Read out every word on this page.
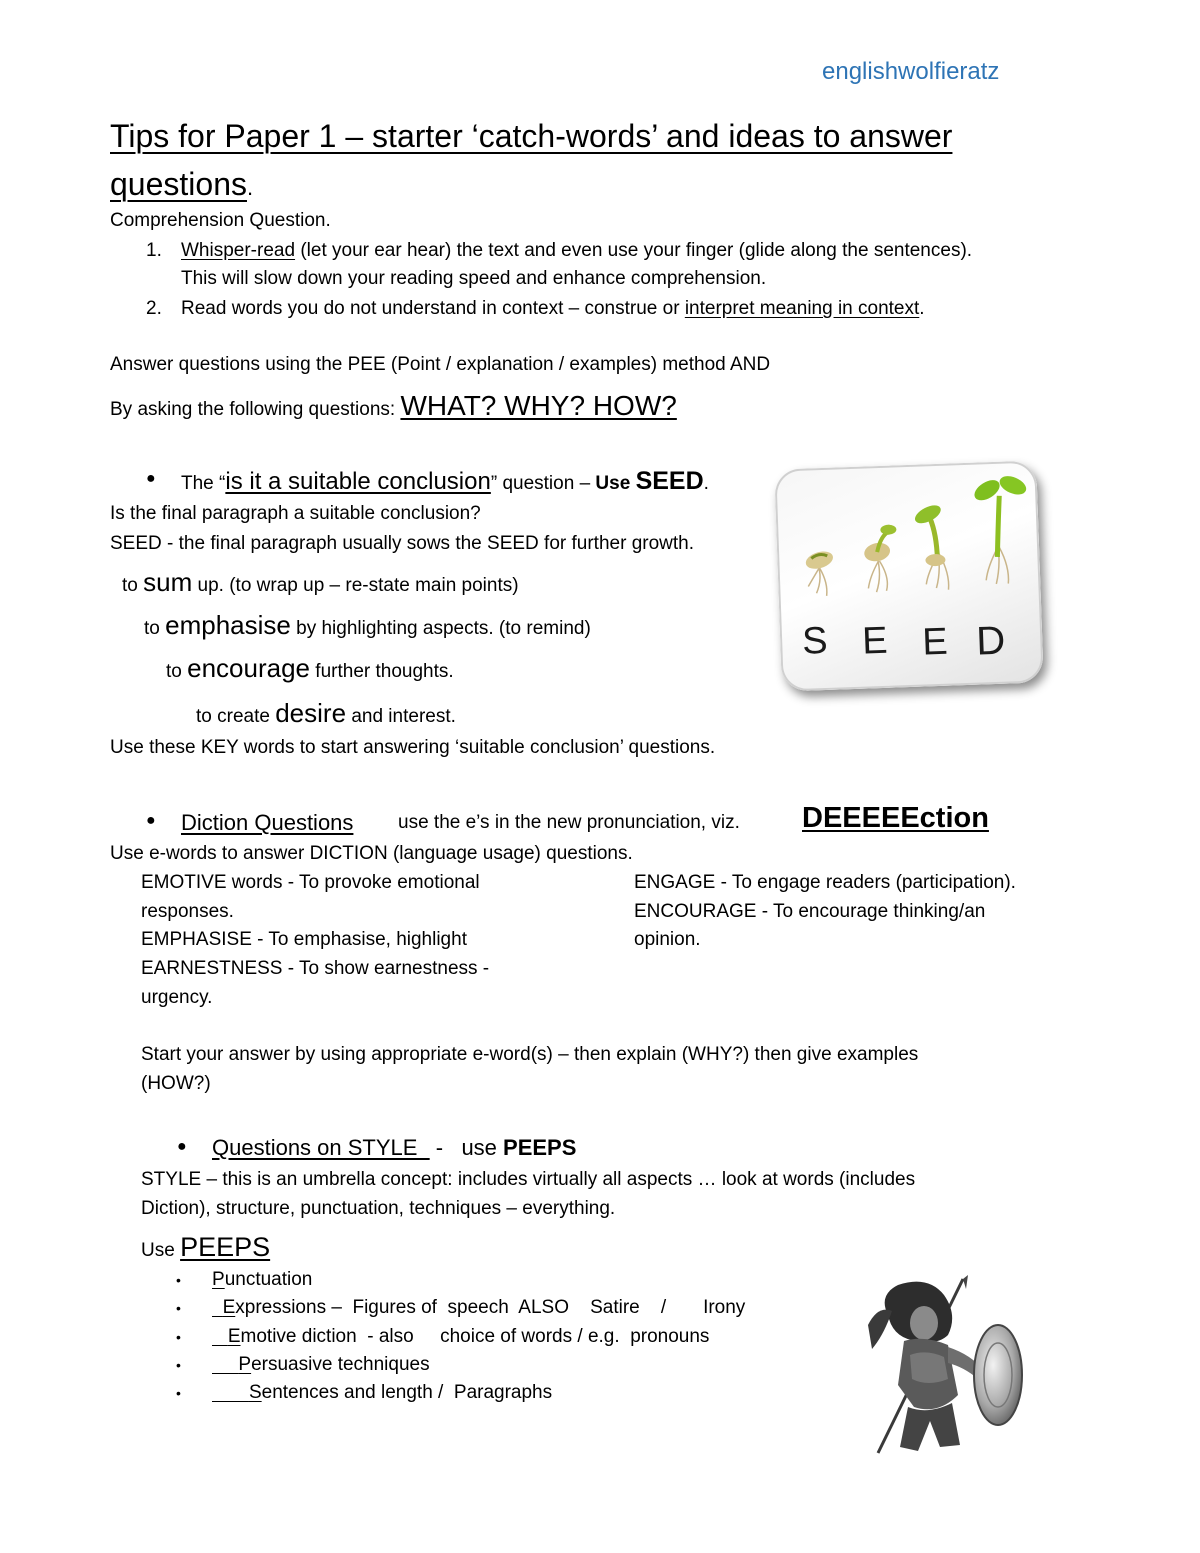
englishwolfieratz
Tips for Paper 1 – starter ‘catch-words’ and ideas to answer
questions.
Comprehension Question.
1. Whisper-read (let your ear hear) the text and even use your finger (glide along the sentences).
This will slow down your reading speed and enhance comprehension.
2. Read words you do not understand in context – construe or interpret meaning in context.
Answer questions using the PEE (Point / explanation / examples) method AND
By asking the following questions: WHAT? WHY? HOW?
● The “is it a suitable conclusion” question – Use SEED.
Is the final paragraph a suitable conclusion?
SEED - the final paragraph usually sows the SEED for further growth.
to sum up. (to wrap up – re-state main points)
to emphasise by highlighting aspects. (to remind)
to encourage further thoughts.
to create desire and interest.
Use these KEY words to start answering ‘suitable conclusion’ questions.
S E E D
● Diction Questions use the e’s in the new pronunciation, viz. DEEEEEction
Use e-words to answer DICTION (language usage) questions.
EMOTIVE words - To provoke emotional
responses.
EMPHASISE - To emphasise, highlight
EARNESTNESS - To show earnestness -
urgency.
ENGAGE - To engage readers (participation).
ENCOURAGE - To encourage thinking/an
opinion.
Start your answer by using appropriate e-word(s) – then explain (WHY?) then give examples
(HOW?)
● Questions on STYLE   -   use PEEPS
STYLE – this is an umbrella concept: includes virtually all aspects … look at words (includes
Diction), structure, punctuation, techniques – everything.
Use PEEPS
• Punctuation
•	Expressions –  Figures of  speech  ALSO    Satire    /       Irony
•	Emotive diction  - also     choice of words / e.g.  pronouns
•	Persuasive techniques
•	Sentences and length /  Paragraphs
